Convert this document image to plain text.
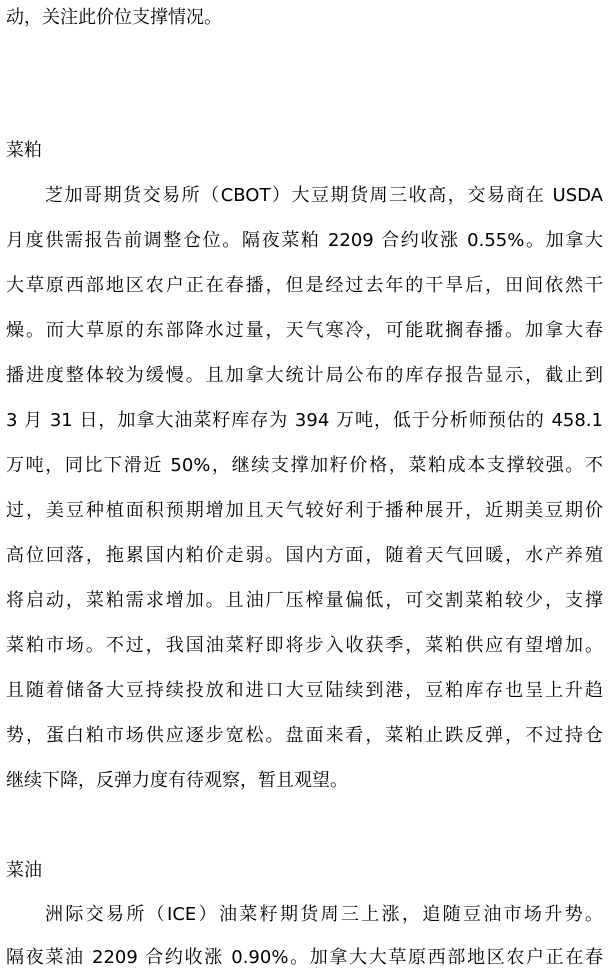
动，关注此价位支撑情况。
菜粕
芝加哥期货交易所（CBOT）大豆期货周三收高，交易商在 USDA
月度供需报告前调整仓位。隔夜菜粕 2209 合约收涨 0.55%。加拿大
大草原西部地区农户正在春播，但是经过去年的干旱后，田间依然干
燥。而大草原的东部降水过量，天气寒冷，可能耽搁春播。加拿大春
播进度整体较为缓慢。且加拿大统计局公布的库存报告显示，截止到
3 月 31 日，加拿大油菜籽库存为 394 万吨，低于分析师预估的 458.1
万吨，同比下滑近 50%，继续支撑加籽价格，菜粕成本支撑较强。不
过，美豆种植面积预期增加且天气较好利于播种展开，近期美豆期价
高位回落，拖累国内粕价走弱。国内方面，随着天气回暖，水产养殖
将启动，菜粕需求增加。且油厂压榨量偏低，可交割菜粕较少，支撑
菜粕市场。不过，我国油菜籽即将步入收获季，菜粕供应有望增加。
且随着储备大豆持续投放和进口大豆陆续到港，豆粕库存也呈上升趋
势，蛋白粕市场供应逐步宽松。盘面来看，菜粕止跌反弹，不过持仓
继续下降，反弹力度有待观察，暂且观望。
菜油
洲际交易所（ICE）油菜籽期货周三上涨，追随豆油市场升势。
隔夜菜油 2209 合约收涨 0.90%。加拿大大草原西部地区农户正在春
